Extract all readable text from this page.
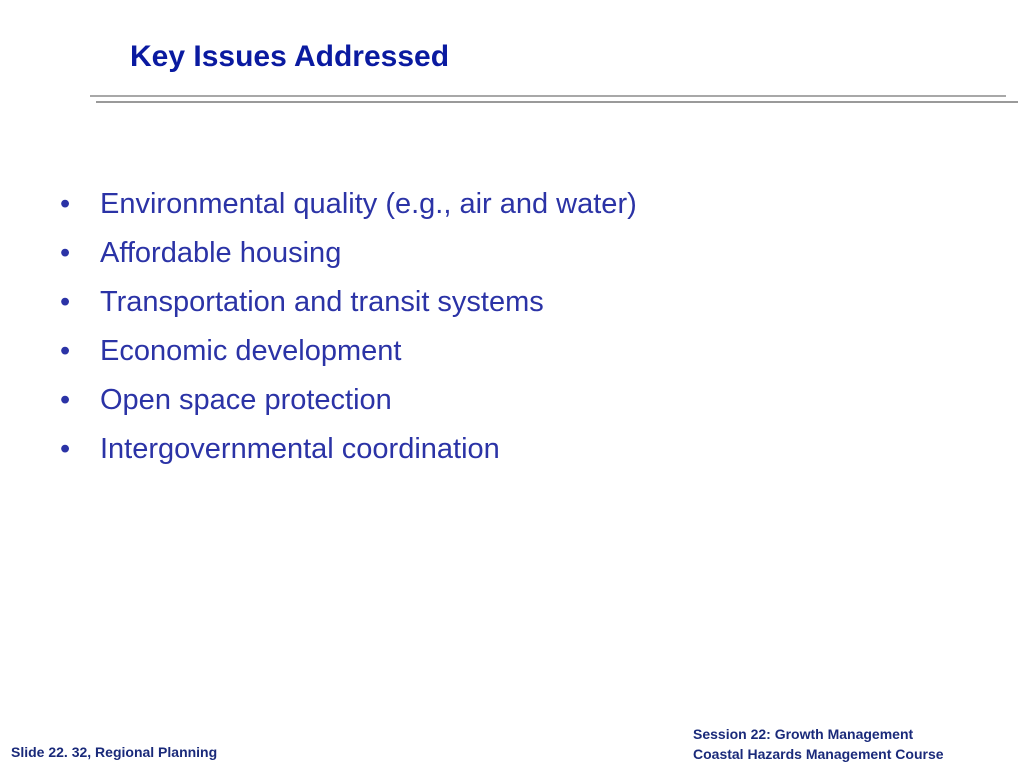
Key Issues Addressed
•	Environmental quality (e.g., air and water)
•	Affordable housing
•	Transportation and transit systems
•	Economic development
•	Open space protection
•	Intergovernmental coordination
Slide 22. 32, Regional Planning
Session 22: Growth Management
Coastal Hazards Management Course
